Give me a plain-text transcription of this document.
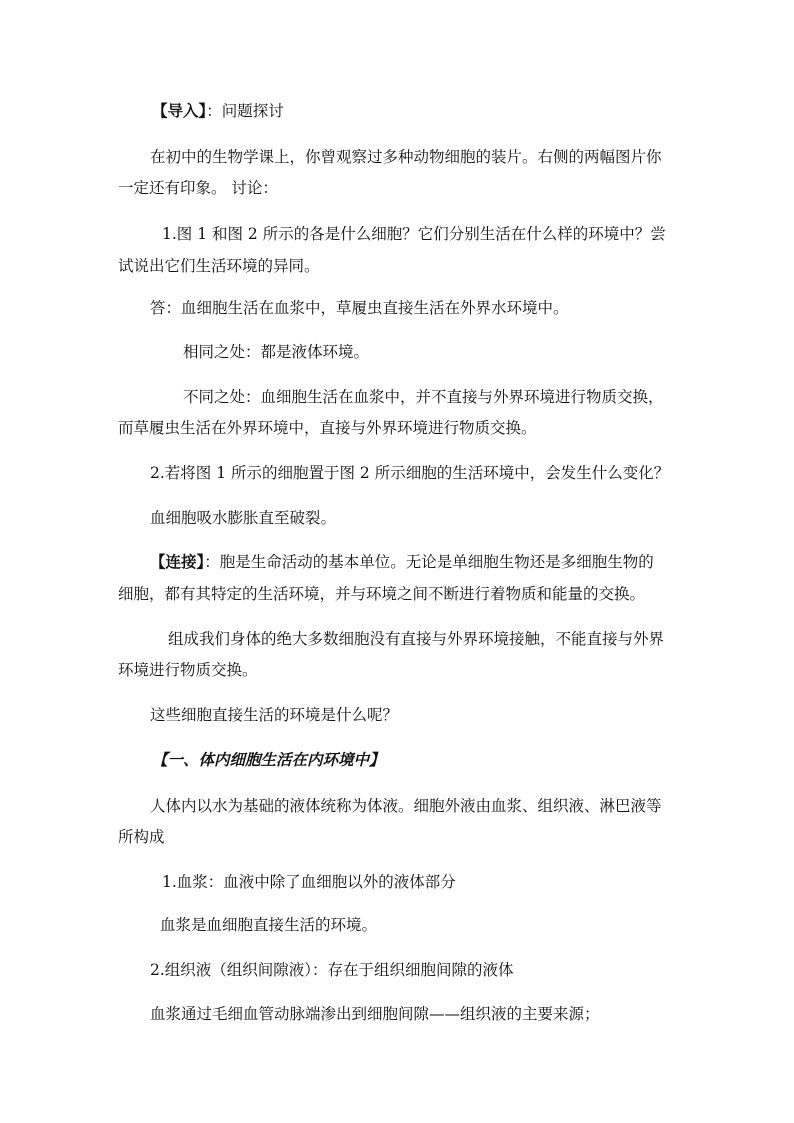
【导入】：问题探讨
在初中的生物学课上，你曾观察过多种动物细胞的装片。右侧的两幅图片你
一定还有印象。 讨论：
1.图 1 和图 2 所示的各是什么细胞？它们分别生活在什么样的环境中？尝
试说出它们生活环境的异同。
答：血细胞生活在血浆中，草履虫直接生活在外界水环境中。
相同之处：都是液体环境。
不同之处：血细胞生活在血浆中，并不直接与外界环境进行物质交换，
而草履虫生活在外界环境中，直接与外界环境进行物质交换。
2.若将图 1 所示的细胞置于图 2 所示细胞的生活环境中，会发生什么变化？
血细胞吸水膨胀直至破裂。
【连接】：胞是生命活动的基本单位。无论是单细胞生物还是多细胞生物的
细胞，都有其特定的生活环境，并与环境之间不断进行着物质和能量的交换。
组成我们身体的绝大多数细胞没有直接与外界环境接触，不能直接与外界
环境进行物质交换。
这些细胞直接生活的环境是什么呢？
【一、体内细胞生活在内环境中】
人体内以水为基础的液体统称为体液。细胞外液由血浆、组织液、淋巴液等
所构成
1.血浆：血液中除了血细胞以外的液体部分
血浆是血细胞直接生活的环境。
2.组织液（组织间隙液）：存在于组织细胞间隙的液体
血浆通过毛细血管动脉端渗出到细胞间隙——组织液的主要来源；
